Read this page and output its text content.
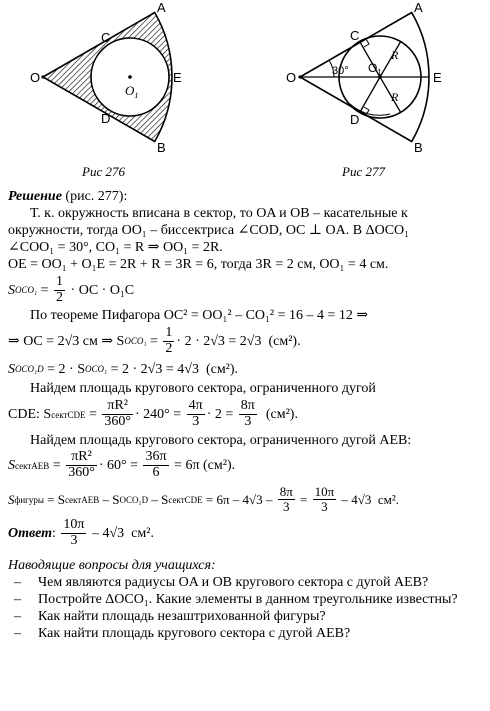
A
B
C
D
E
O
$O_1$
A
B
C
D
E
O
$O_1$
30°
R
R
Рис 276	Рис 277

Решение (рис. 277):

Т. к. окружность вписана в сектор, то OA и OB – касательные к

окружности, тогда OO₁ – биссектриса ∠COD, OC ⊥ OA. В ΔOCO₁

∠COO₁ = 30°, CO₁ = R ⇒ OO₁ = 2R.

OE = OO₁ + O₁E = 2R + R = 3R = 6, тогда 3R = 2 см, OO₁ = 4 см.

S $OCO_1 = \frac{1}{2}$ · OC · O₁C

По теореме Пифагора OC² = OO₁² – CO₁² = 16 – 4 = 12 ⇒

⇒ OC = 2√3 см ⇒ S $OCO_1 = \frac{1}{2} \cdot 2 \cdot 2√3 = 2√3$  (см²).
S OCO₁D = 2 · S OCO₁ = 2 · 2√3 = 4√3  (см²).

Найдем площадь кругового сектора, ограниченного дугой

CDE: S сектCDE = $\frac{\text{πR²}}{360^\circ} \cdot 240^\circ = \frac{4\pi}{3} \cdot 2 = \frac{8\pi}{3} (см^2)$.

Найдем площадь кругового сектора, ограниченного дугой AEB:

S сектAEB = $\frac{\text{πR²}}{360^\circ} \cdot 60^\circ = \frac{36\pi}{6} = 6\pi$ (см²).
S фигуры = S сектAEB – S OCO₁D – S сектCDE = $6\pi - 4√3 - \frac{8\pi}{3} = \frac{10\pi}{3} - 4√3$  см².
Ответ : $\frac{10\pi}{3} - 4√3$  см².

Наводящие вопросы для учащихся:

–	Чем являются радиусы OA и OB кругового сектора с дугой AEB?
–	Постройте ΔOCO₁. Какие элементы в данном треугольнике известны?
–	Как найти площадь незаштрихованной фигуры?
–	Как найти площадь кругового сектора с дугой AEB?
